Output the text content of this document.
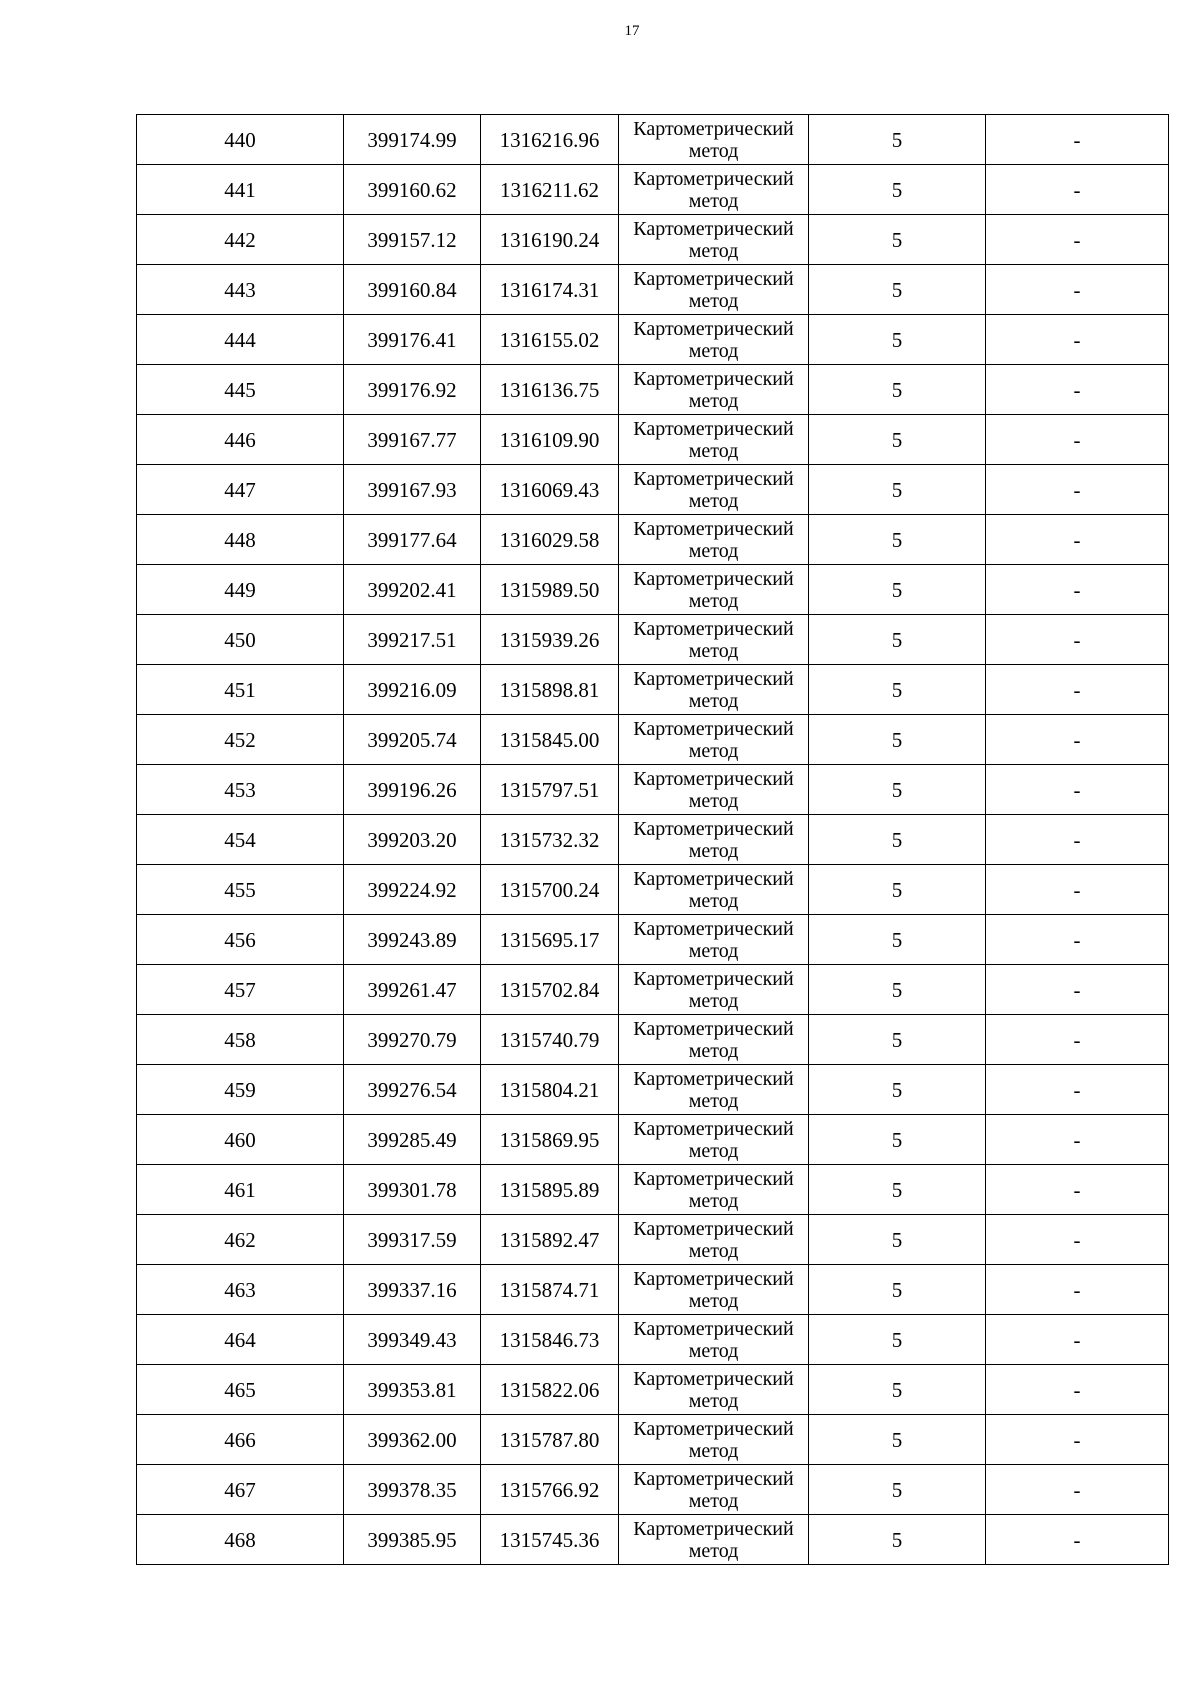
17
440	399174.99	1316216.96	Картометрический
метод	5	-
441	399160.62	1316211.62	Картометрический
метод	5	-
442	399157.12	1316190.24	Картометрический
метод	5	-
443	399160.84	1316174.31	Картометрический
метод	5	-
444	399176.41	1316155.02	Картометрический
метод	5	-
445	399176.92	1316136.75	Картометрический
метод	5	-
446	399167.77	1316109.90	Картометрический
метод	5	-
447	399167.93	1316069.43	Картометрический
метод	5	-
448	399177.64	1316029.58	Картометрический
метод	5	-
449	399202.41	1315989.50	Картометрический
метод	5	-
450	399217.51	1315939.26	Картометрический
метод	5	-
451	399216.09	1315898.81	Картометрический
метод	5	-
452	399205.74	1315845.00	Картометрический
метод	5	-
453	399196.26	1315797.51	Картометрический
метод	5	-
454	399203.20	1315732.32	Картометрический
метод	5	-
455	399224.92	1315700.24	Картометрический
метод	5	-
456	399243.89	1315695.17	Картометрический
метод	5	-
457	399261.47	1315702.84	Картометрический
метод	5	-
458	399270.79	1315740.79	Картометрический
метод	5	-
459	399276.54	1315804.21	Картометрический
метод	5	-
460	399285.49	1315869.95	Картометрический
метод	5	-
461	399301.78	1315895.89	Картометрический
метод	5	-
462	399317.59	1315892.47	Картометрический
метод	5	-
463	399337.16	1315874.71	Картометрический
метод	5	-
464	399349.43	1315846.73	Картометрический
метод	5	-
465	399353.81	1315822.06	Картометрический
метод	5	-
466	399362.00	1315787.80	Картометрический
метод	5	-
467	399378.35	1315766.92	Картометрический
метод	5	-
468	399385.95	1315745.36	Картометрический
метод	5	-
